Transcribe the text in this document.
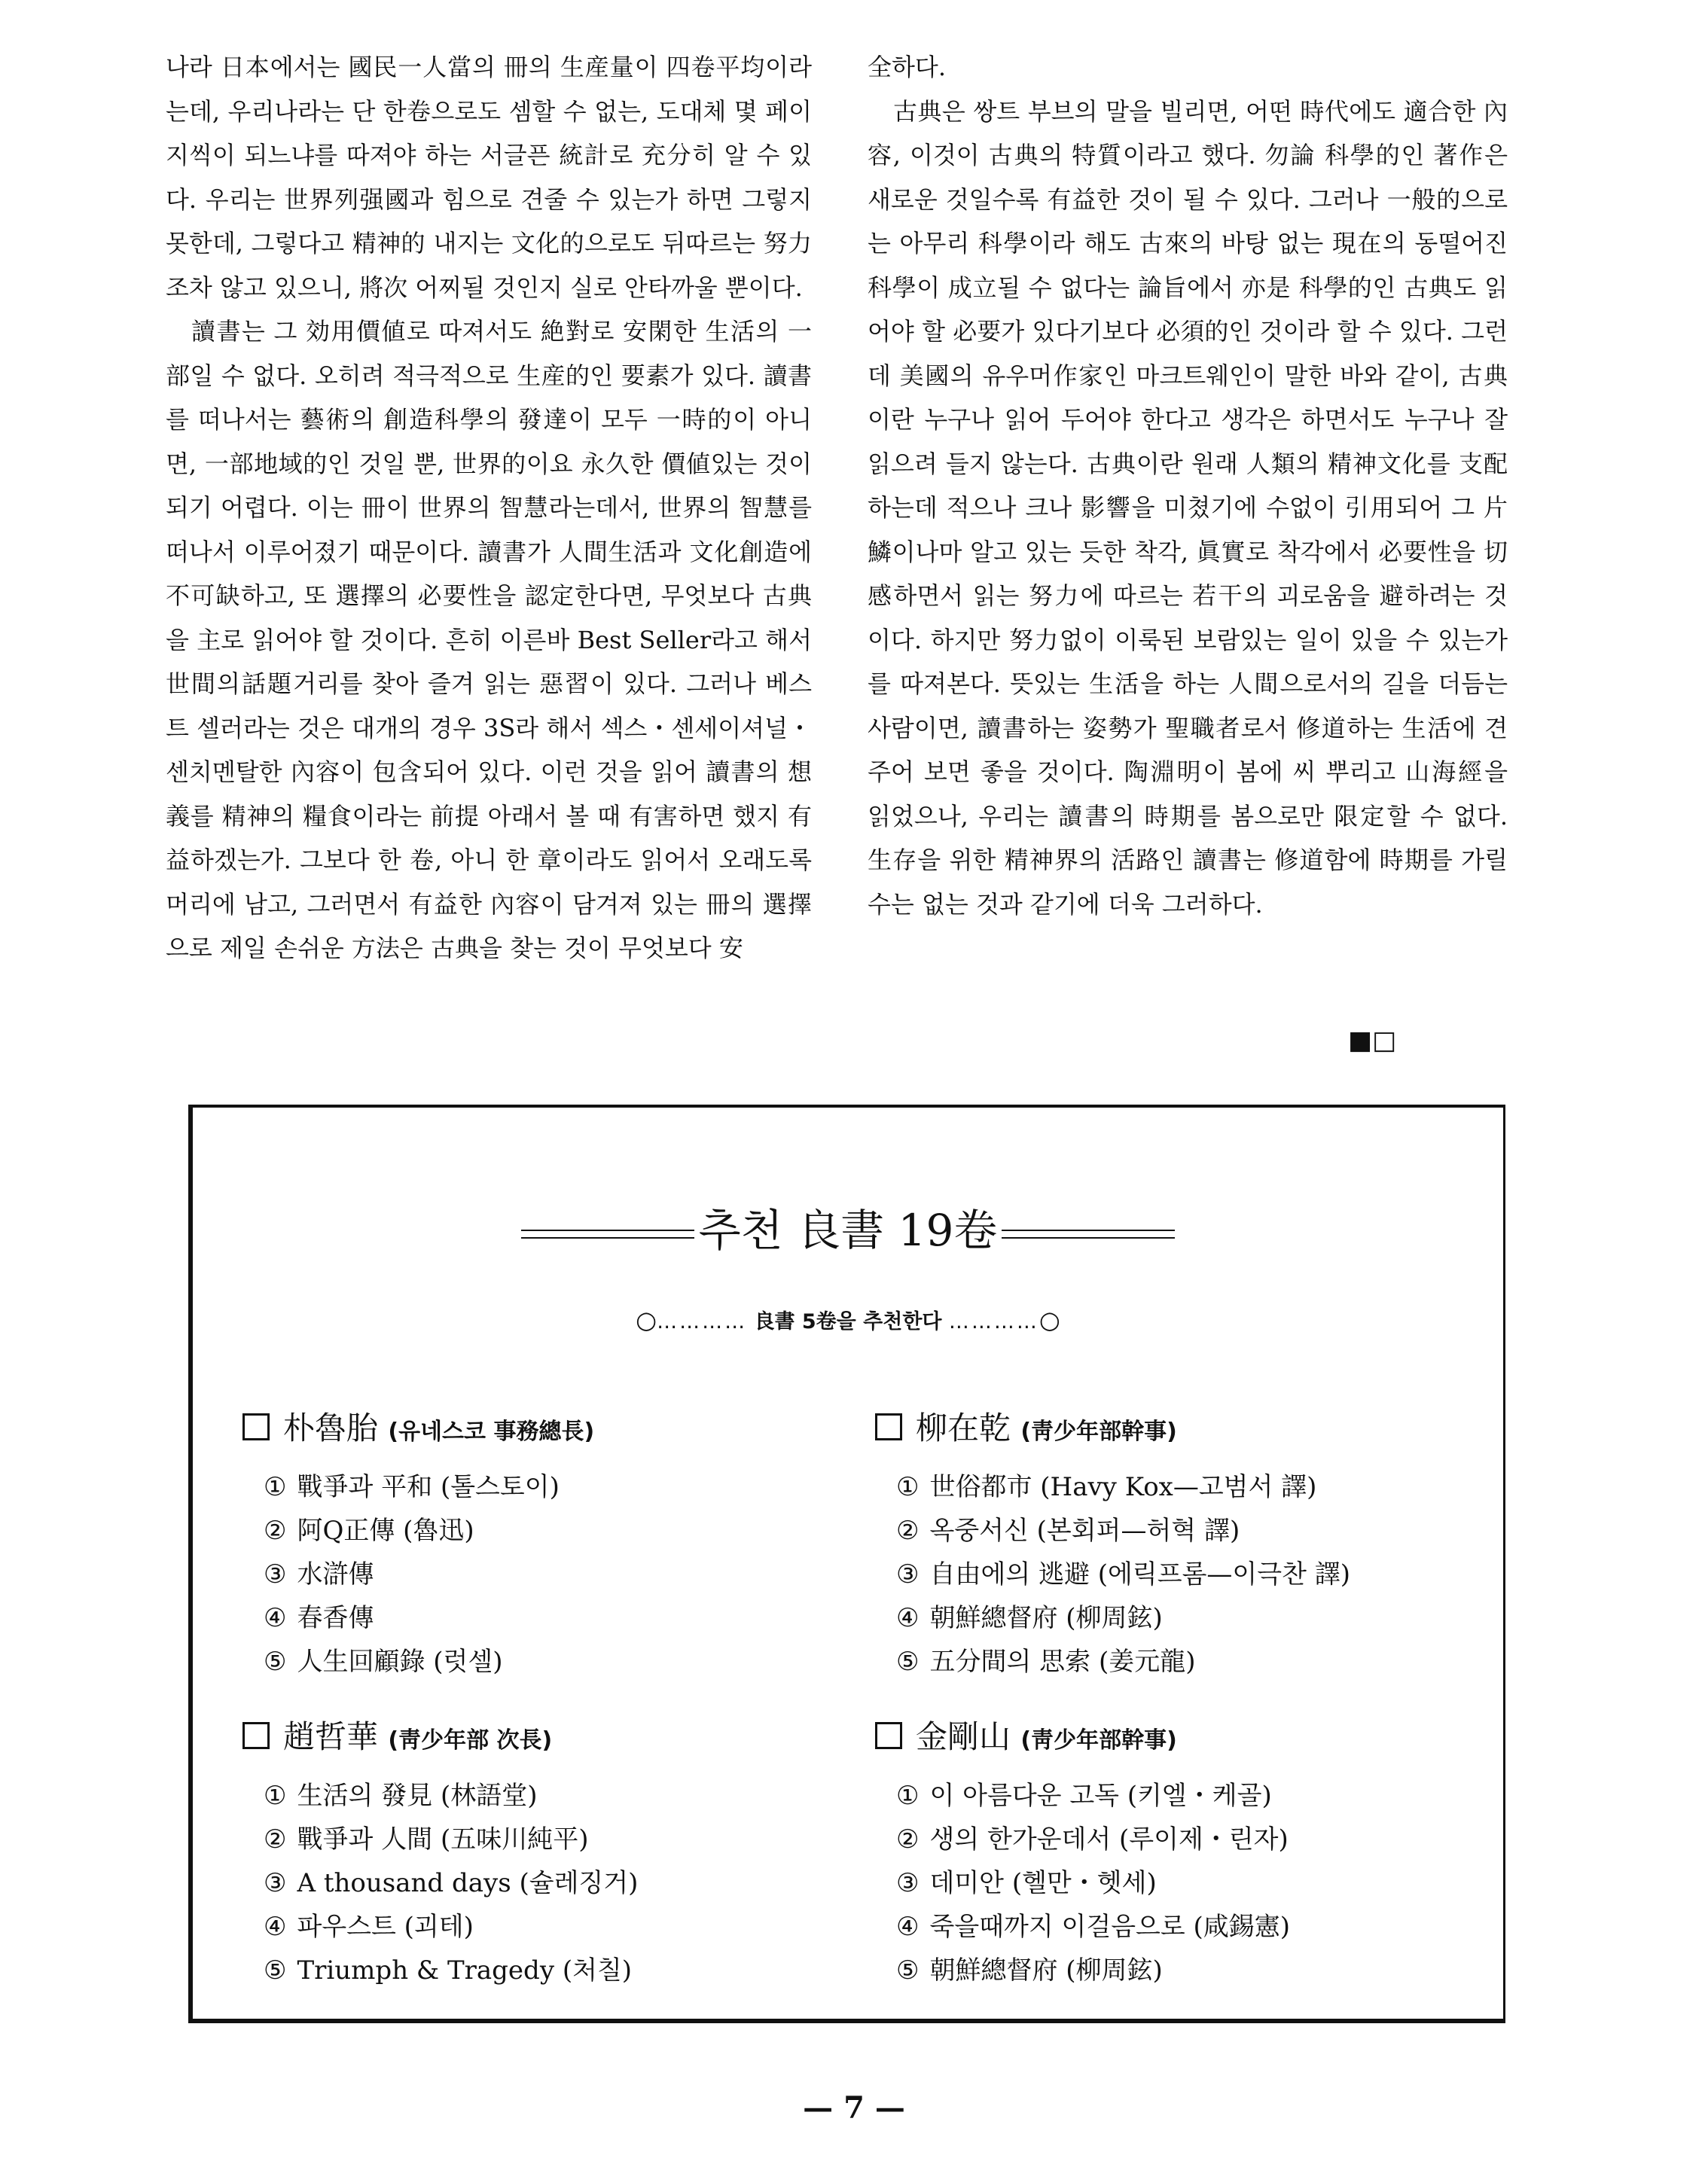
나라 日本에서는 國民一人當의 冊의 生産量이 四卷平均이라는데, 우리나라는 단 한卷으로도 셈할 수 없는, 도대체 몇 페이지씩이 되느냐를 따져야 하는 서글픈 統計로 充分히 알 수 있다. 우리는 世界列强國과 힘으로 견줄 수 있는가 하면 그렇지 못한데, 그렇다고 精神的 내지는 文化的으로도 뒤따르는 努力조차 않고 있으니, 將次 어찌될 것인지 실로 안타까울 뿐이다.

讀書는 그 効用價値로 따져서도 絶對로 安閑한 生活의 一部일 수 없다. 오히려 적극적으로 生産的인 要素가 있다. 讀書를 떠나서는 藝術의 創造科學의 發達이 모두 一時的이 아니면, 一部地域的인 것일 뿐, 世界的이요 永久한 價値있는 것이 되기 어렵다. 이는 冊이 世界의 智慧라는데서, 世界의 智慧를 떠나서 이루어졌기 때문이다. 讀書가 人間生活과 文化創造에 不可缺하고, 또 選擇의 必要性을 認定한다면, 무엇보다 古典을 主로 읽어야 할 것이다. 흔히 이른바 Best Seller라고 해서 世間의話題거리를 찾아 즐겨 읽는 惡習이 있다. 그러나 베스트 셀러라는 것은 대개의 경우 3S라 해서 섹스・센세이셔널・센치멘탈한 內容이 包含되어 있다. 이런 것을 읽어 讀書의 想義를 精神의 糧食이라는 前提 아래서 볼 때 有害하면 했지 有益하겠는가. 그보다 한 卷, 아니 한 章이라도 읽어서 오래도록 머리에 남고, 그러면서 有益한 內容이 담겨져 있는 冊의 選擇으로 제일 손쉬운 方法은 古典을 찾는 것이 무엇보다 安

全하다.

古典은 쌍트 부브의 말을 빌리면, 어떤 時代에도 適合한 內容, 이것이 古典의 特質이라고 했다. 勿論 科學的인 著作은 새로운 것일수록 有益한 것이 될 수 있다. 그러나 一般的으로는 아무리 科學이라 해도 古來의 바탕 없는 現在의 동떨어진 科學이 成立될 수 없다는 論旨에서 亦是 科學的인 古典도 읽어야 할 必要가 있다기보다 必須的인 것이라 할 수 있다. 그런데 美國의 유우머作家인 마크트웨인이 말한 바와 같이, 古典이란 누구나 읽어 두어야 한다고 생각은 하면서도 누구나 잘 읽으려 들지 않는다. 古典이란 원래 人類의 精神文化를 支配하는데 적으나 크나 影響을 미쳤기에 수없이 引用되어 그 片鱗이나마 알고 있는 듯한 착각, 眞實로 착각에서 必要性을 切感하면서 읽는 努力에 따르는 若干의 괴로움을 避하려는 것이다. 하지만 努力없이 이룩된 보람있는 일이 있을 수 있는가를 따져본다. 뜻있는 生活을 하는 人間으로서의 길을 더듬는 사람이면, 讀書하는 姿勢가 聖職者로서 修道하는 生活에 견주어 보면 좋을 것이다. 陶淵明이 봄에 씨 뿌리고 山海經을 읽었으나, 우리는 讀書의 時期를 봄으로만 限定할 수 없다. 生存을 위한 精神界의 活路인 讀書는 修道함에 時期를 가릴 수는 없는 것과 같기에 더욱 그러하다.

■□
추천 良書 19卷
○………… 良書 5卷을 추천한다 …………○
朴魯胎 (유네스코 事務總長)
① 戰爭과 平和 (톨스토이)
② 阿Q正傳 (魯迅)
③ 水滸傳
④ 春香傳
⑤ 人生回顧錄 (럿셀)
柳在乾 (靑少年部幹事)
① 世俗都市 (Havy Kox—고범서 譯)
② 옥중서신 (본회퍼—허혁 譯)
③ 自由에의 逃避 (에릭프롬—이극찬 譯)
④ 朝鮮總督府 (柳周鉉)
⑤ 五分間의 思索 (姜元龍)
趙哲華 (靑少年部 次長)
① 生活의 發見 (林語堂)
② 戰爭과 人間 (五味川純平)
③ A thousand days (슐레징거)
④ 파우스트 (괴테)
⑤ Triumph & Tragedy (처칠)
金剛山 (靑少年部幹事)
① 이 아름다운 고독 (키엘・케골)
② 생의 한가운데서 (루이제・린자)
③ 데미안 (헬만・헷세)
④ 죽을때까지 이걸음으로 (咸錫憲)
⑤ 朝鮮總督府 (柳周鉉)
— 7 —
